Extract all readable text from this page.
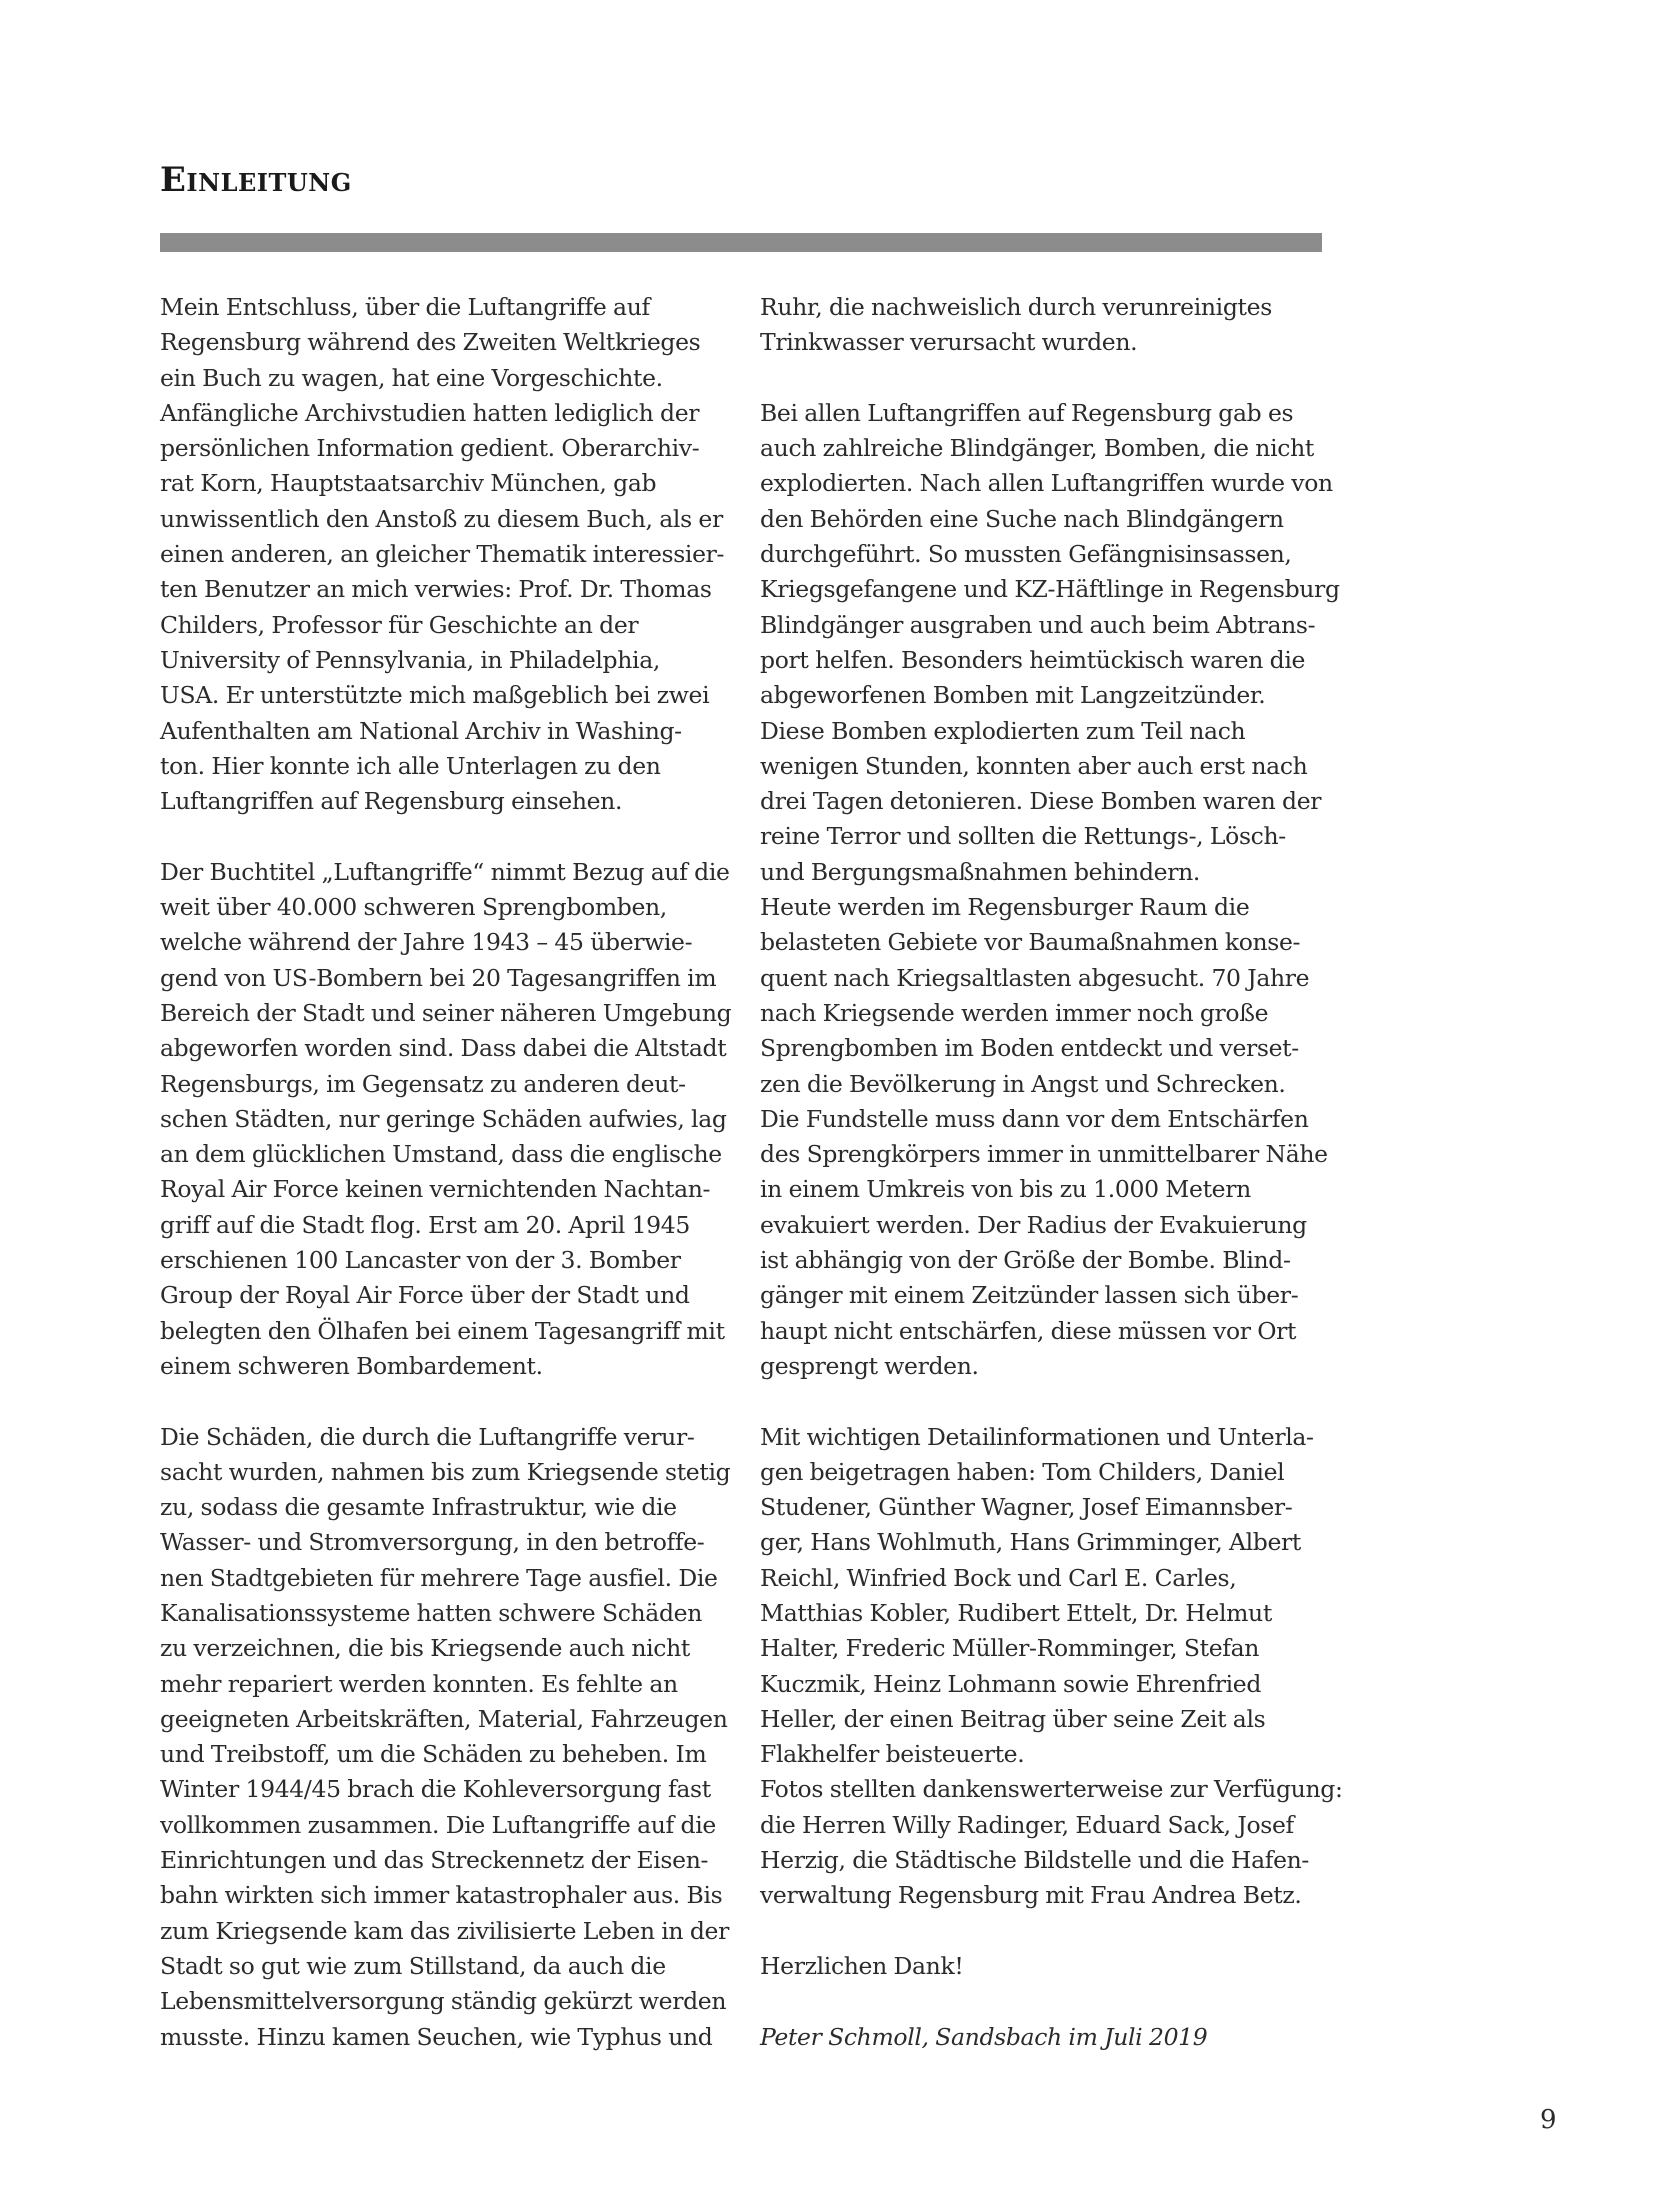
Einleitung
Mein Entschluss, über die Luftangriffe auf
Regensburg während des Zweiten Weltkrieges
ein Buch zu wagen, hat eine Vorgeschichte.
Anfängliche Archivstudien hatten lediglich der
persönlichen Information gedient. Oberarchiv-
rat Korn, Hauptstaatsarchiv München, gab
unwissentlich den Anstoß zu diesem Buch, als er
einen anderen, an gleicher Thematik interessier-
ten Benutzer an mich verwies: Prof. Dr. Thomas
Childers, Professor für Geschichte an der
University of Pennsylvania, in Philadelphia,
USA. Er unterstützte mich maßgeblich bei zwei
Aufenthalten am National Archiv in Washing-
ton. Hier konnte ich alle Unterlagen zu den
Luftangriffen auf Regensburg einsehen.
Der Buchtitel „Luftangriffe“ nimmt Bezug auf die
weit über 40.000 schweren Sprengbomben,
welche während der Jahre 1943 – 45 überwie-
gend von US-Bombern bei 20 Tagesangriffen im
Bereich der Stadt und seiner näheren Umgebung
abgeworfen worden sind. Dass dabei die Altstadt
Regensburgs, im Gegensatz zu anderen deut-
schen Städten, nur geringe Schäden aufwies, lag
an dem glücklichen Umstand, dass die englische
Royal Air Force keinen vernichtenden Nachtan-
griff auf die Stadt flog. Erst am 20. April 1945
erschienen 100 Lancaster von der 3. Bomber
Group der Royal Air Force über der Stadt und
belegten den Ölhafen bei einem Tagesangriff mit
einem schweren Bombardement.
Die Schäden, die durch die Luftangriffe verur-
sacht wurden, nahmen bis zum Kriegsende stetig
zu, sodass die gesamte Infrastruktur, wie die
Wasser- und Stromversorgung, in den betroffe-
nen Stadtgebieten für mehrere Tage ausfiel. Die
Kanalisationssysteme hatten schwere Schäden
zu verzeichnen, die bis Kriegsende auch nicht
mehr repariert werden konnten. Es fehlte an
geeigneten Arbeitskräften, Material, Fahrzeugen
und Treibstoff, um die Schäden zu beheben. Im
Winter 1944/45 brach die Kohleversorgung fast
vollkommen zusammen. Die Luftangriffe auf die
Einrichtungen und das Streckennetz der Eisen-
bahn wirkten sich immer katastrophaler aus. Bis
zum Kriegsende kam das zivilisierte Leben in der
Stadt so gut wie zum Stillstand, da auch die
Lebensmittelversorgung ständig gekürzt werden
musste. Hinzu kamen Seuchen, wie Typhus und
Ruhr, die nachweislich durch verunreinigtes
Trinkwasser verursacht wurden.
Bei allen Luftangriffen auf Regensburg gab es
auch zahlreiche Blindgänger, Bomben, die nicht
explodierten. Nach allen Luftangriffen wurde von
den Behörden eine Suche nach Blindgängern
durchgeführt. So mussten Gefängnisinsassen,
Kriegsgefangene und KZ-Häftlinge in Regensburg
Blindgänger ausgraben und auch beim Abtrans-
port helfen. Besonders heimtückisch waren die
abgeworfenen Bomben mit Langzeitzünder.
Diese Bomben explodierten zum Teil nach
wenigen Stunden, konnten aber auch erst nach
drei Tagen detonieren. Diese Bomben waren der
reine Terror und sollten die Rettungs-, Lösch-
und Bergungsmaßnahmen behindern.
Heute werden im Regensburger Raum die
belasteten Gebiete vor Baumaßnahmen konse-
quent nach Kriegsaltlasten abgesucht. 70 Jahre
nach Kriegsende werden immer noch große
Sprengbomben im Boden entdeckt und verset-
zen die Bevölkerung in Angst und Schrecken.
Die Fundstelle muss dann vor dem Entschärfen
des Sprengkörpers immer in unmittelbarer Nähe
in einem Umkreis von bis zu 1.000 Metern
evakuiert werden. Der Radius der Evakuierung
ist abhängig von der Größe der Bombe. Blind-
gänger mit einem Zeitzünder lassen sich über-
haupt nicht entschärfen, diese müssen vor Ort
gesprengt werden.
Mit wichtigen Detailinformationen und Unterla-
gen beigetragen haben: Tom Childers, Daniel
Studener, Günther Wagner, Josef Eimannsber-
ger, Hans Wohlmuth, Hans Grimminger, Albert
Reichl, Winfried Bock und Carl E. Carles,
Matthias Kobler, Rudibert Ettelt, Dr. Helmut
Halter, Frederic Müller-Romminger, Stefan
Kuczmik, Heinz Lohmann sowie Ehrenfried
Heller, der einen Beitrag über seine Zeit als
Flakhelfer beisteuerte.
Fotos stellten dankenswerterweise zur Verfügung:
die Herren Willy Radinger, Eduard Sack, Josef
Herzig, die Städtische Bildstelle und die Hafen-
verwaltung Regensburg mit Frau Andrea Betz.
Herzlichen Dank!
Peter Schmoll, Sandsbach im Juli 2019
9
